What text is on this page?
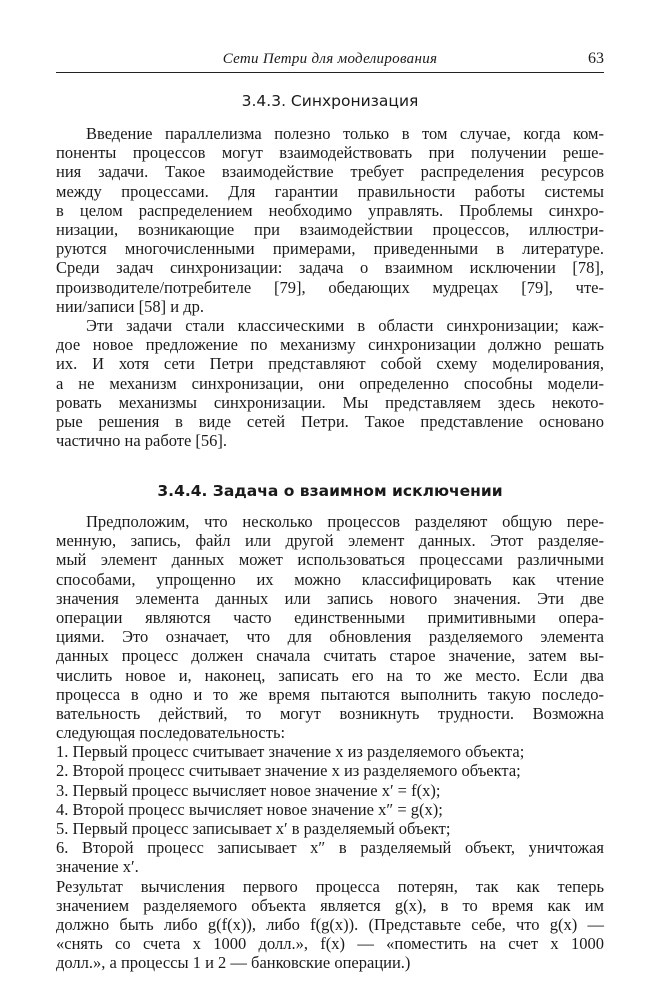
Сети Петри для моделирования	63
3.4.3. Синхронизация
Введение параллелизма полезно только в том случае, когда ком-
поненты процессов могут взаимодействовать при получении реше-
ния задачи. Такое взаимодействие требует распределения ресурсов
между процессами. Для гарантии правильности работы системы
в целом распределением необходимо управлять. Проблемы синхро-
низации, возникающие при взаимодействии процессов, иллюстри-
руются многочисленными примерами, приведенными в литературе.
Среди задач синхронизации: задача о взаимном исключении [78],
производителе/потребителе [79], обедающих мудрецах [79], чте-
нии/записи [58] и др.
Эти задачи стали классическими в области синхронизации; каж-
дое новое предложение по механизму синхронизации должно решать
их. И хотя сети Петри представляют собой схему моделирования,
а не механизм синхронизации, они определенно способны модели-
ровать механизмы синхронизации. Мы представляем здесь некото-
рые решения в виде сетей Петри. Такое представление основано
частично на работе [56].
3.4.4. Задача о взаимном исключении
Предположим, что несколько процессов разделяют общую пере-
менную, запись, файл или другой элемент данных. Этот разделяе-
мый элемент данных может использоваться процессами различными
способами, упрощенно их можно классифицировать как чтение
значения элемента данных или запись нового значения. Эти две
операции являются часто единственными примитивными опера-
циями. Это означает, что для обновления разделяемого элемента
данных процесс должен сначала считать старое значение, затем вы-
числить новое и, наконец, записать его на то же место. Если два
процесса в одно и то же время пытаются выполнить такую последо-
вательность действий, то могут возникнуть трудности. Возможна
следующая последовательность:
1. Первый процесс считывает значение x из разделяемого объекта;
2. Второй процесс считывает значение x из разделяемого объекта;
3. Первый процесс вычисляет новое значение x′ = f(x);
4. Второй процесс вычисляет новое значение x″ = g(x);
5. Первый процесс записывает x′ в разделяемый объект;
6. Второй процесс записывает x″ в разделяемый объект, уничтожая
значение x′.
Результат вычисления первого процесса потерян, так как теперь
значением разделяемого объекта является g(x), в то время как им
должно быть либо g(f(x)), либо f(g(x)). (Представьте себе, что g(x) —
«снять со счета x 1000 долл.», f(x) — «поместить на счет x 1000
долл.», а процессы 1 и 2 — банковские операции.)
